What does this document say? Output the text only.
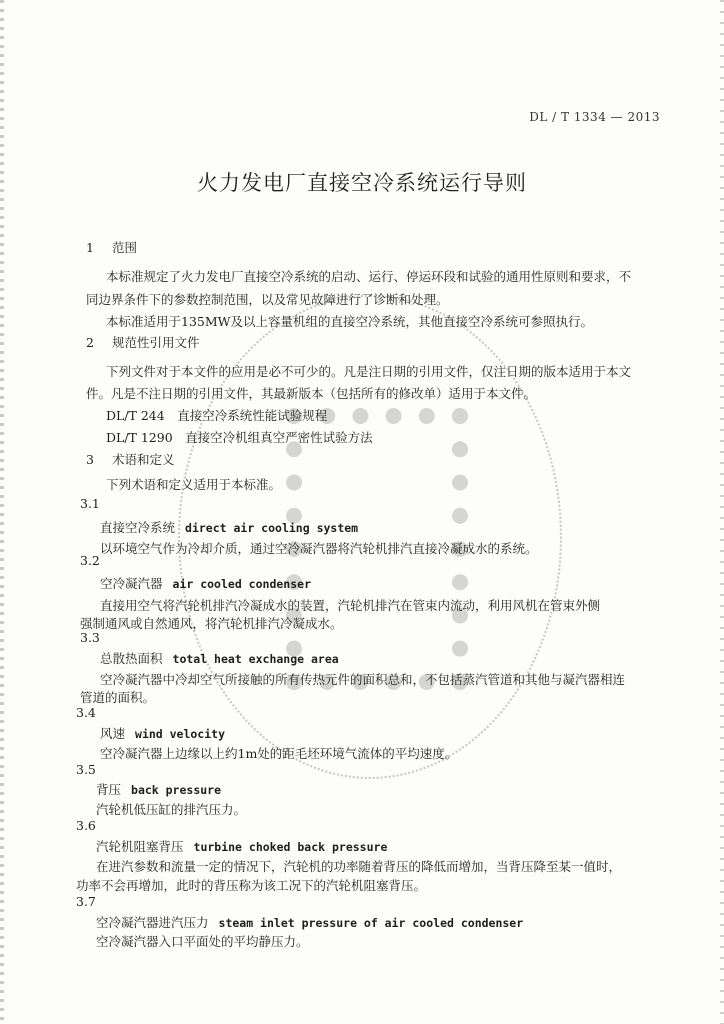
DL / T 1334 — 2013
火力发电厂直接空冷系统运行导则
1 范围
本标准规定了火力发电厂直接空冷系统的启动、运行、停运环段和试验的通用性原则和要求，不
同边界条件下的参数控制范围，以及常见故障进行了诊断和处理。
本标准适用于135MW及以上容量机组的直接空冷系统，其他直接空冷系统可参照执行。
2 规范性引用文件
下列文件对于本文件的应用是必不可少的。凡是注日期的引用文件，仅注日期的版本适用于本文
件。凡是不注日期的引用文件，其最新版本（包括所有的修改单）适用于本文件。
DL/T 244　直接空冷系统性能试验规程
DL/T 1290　直接空冷机组真空严密性试验方法
3 术语和定义
下列术语和定义适用于本标准。
3.1
直接空冷系统 direct air cooling system
以环境空气作为冷却介质，通过空冷凝汽器将汽轮机排汽直接冷凝成水的系统。
3.2
空冷凝汽器 air cooled condenser
直接用空气将汽轮机排汽冷凝成水的装置，汽轮机排汽在管束内流动，利用风机在管束外侧
强制通风或自然通风，将汽轮机排汽冷凝成水。
3.3
总散热面积 total heat exchange area
空冷凝汽器中冷却空气所接触的所有传热元件的面积总和，不包括蒸汽管道和其他与凝汽器相连
管道的面积。
3.4
风速 wind velocity
空冷凝汽器上边缘以上约1m处的距毛坯环境气流体的平均速度。
3.5
背压 back pressure
汽轮机低压缸的排汽压力。
3.6
汽轮机阻塞背压 turbine choked back pressure
在进汽参数和流量一定的情况下，汽轮机的功率随着背压的降低而增加，当背压降至某一值时，
功率不会再增加，此时的背压称为该工况下的汽轮机阻塞背压。
3.7
空冷凝汽器进汽压力 steam inlet pressure of air cooled condenser
空冷凝汽器入口平面处的平均静压力。
